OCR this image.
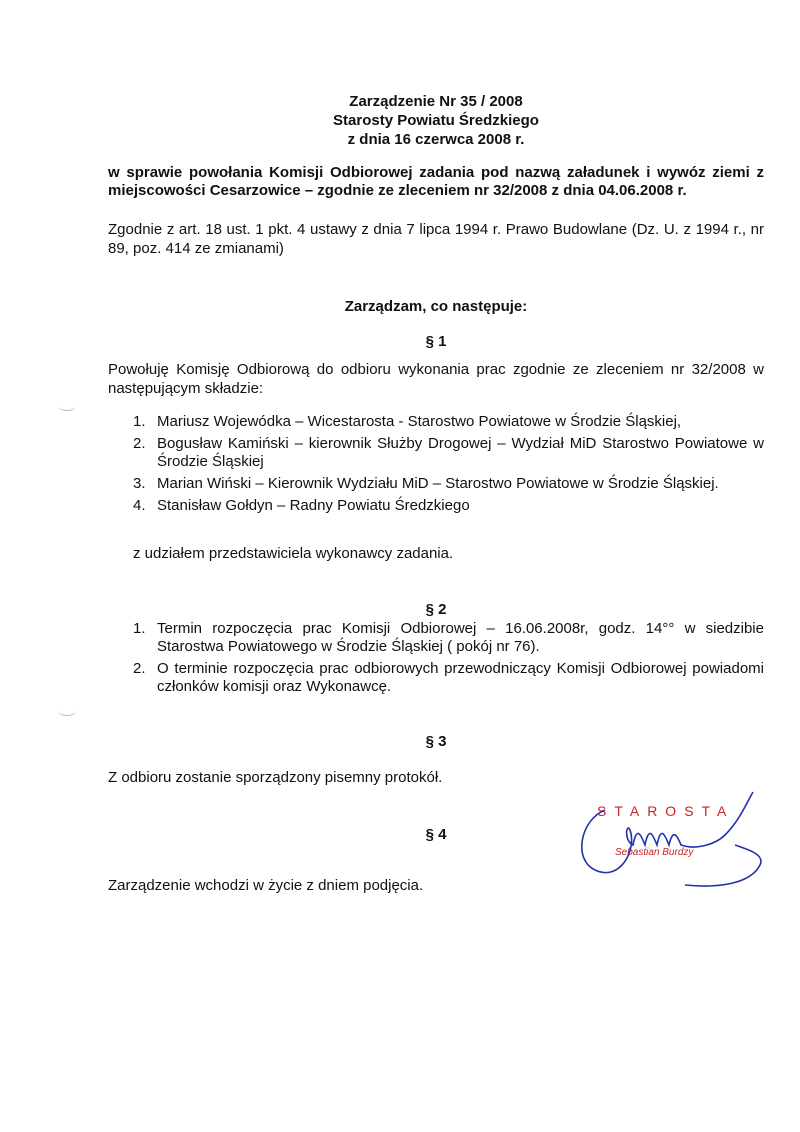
Zarządzenie Nr 35 / 2008
Starosty Powiatu Średzkiego
z dnia 16 czerwca 2008 r.
w sprawie powołania Komisji Odbiorowej zadania pod nazwą załadunek i wywóz ziemi z miejscowości Cesarzowice – zgodnie ze zleceniem nr 32/2008 z dnia 04.06.2008 r.
Zgodnie z art. 18 ust. 1 pkt. 4 ustawy z dnia 7 lipca 1994 r. Prawo Budowlane (Dz. U. z 1994 r., nr 89, poz. 414 ze zmianami)
Zarządzam, co następuje:
§ 1
Powołuję Komisję Odbiorową do odbioru wykonania prac zgodnie ze zleceniem nr 32/2008 w następującym składzie:
1. Mariusz Wojewódka – Wicestarosta - Starostwo Powiatowe w Środzie Śląskiej,
2. Bogusław Kamiński – kierownik Służby Drogowej – Wydział MiD Starostwo Powiatowe w Środzie Śląskiej
3. Marian Wiński – Kierownik Wydziału MiD – Starostwo Powiatowe w Środzie Śląskiej.
4. Stanisław Gołdyn – Radny Powiatu Średzkiego
z udziałem przedstawiciela wykonawcy zadania.
§ 2
1. Termin rozpoczęcia prac Komisji Odbiorowej – 16.06.2008r, godz. 14°° w siedzibie Starostwa Powiatowego w Środzie Śląskiej ( pokój nr 76).
2. O terminie rozpoczęcia prac odbiorowych przewodniczący Komisji Odbiorowej powiadomi członków komisji oraz Wykonawcę.
§ 3
Z odbioru zostanie sporządzony pisemny protokół.
§ 4
Zarządzenie wchodzi w życie z dniem podjęcia.
STAROSTA
Sebastian Burdzy
